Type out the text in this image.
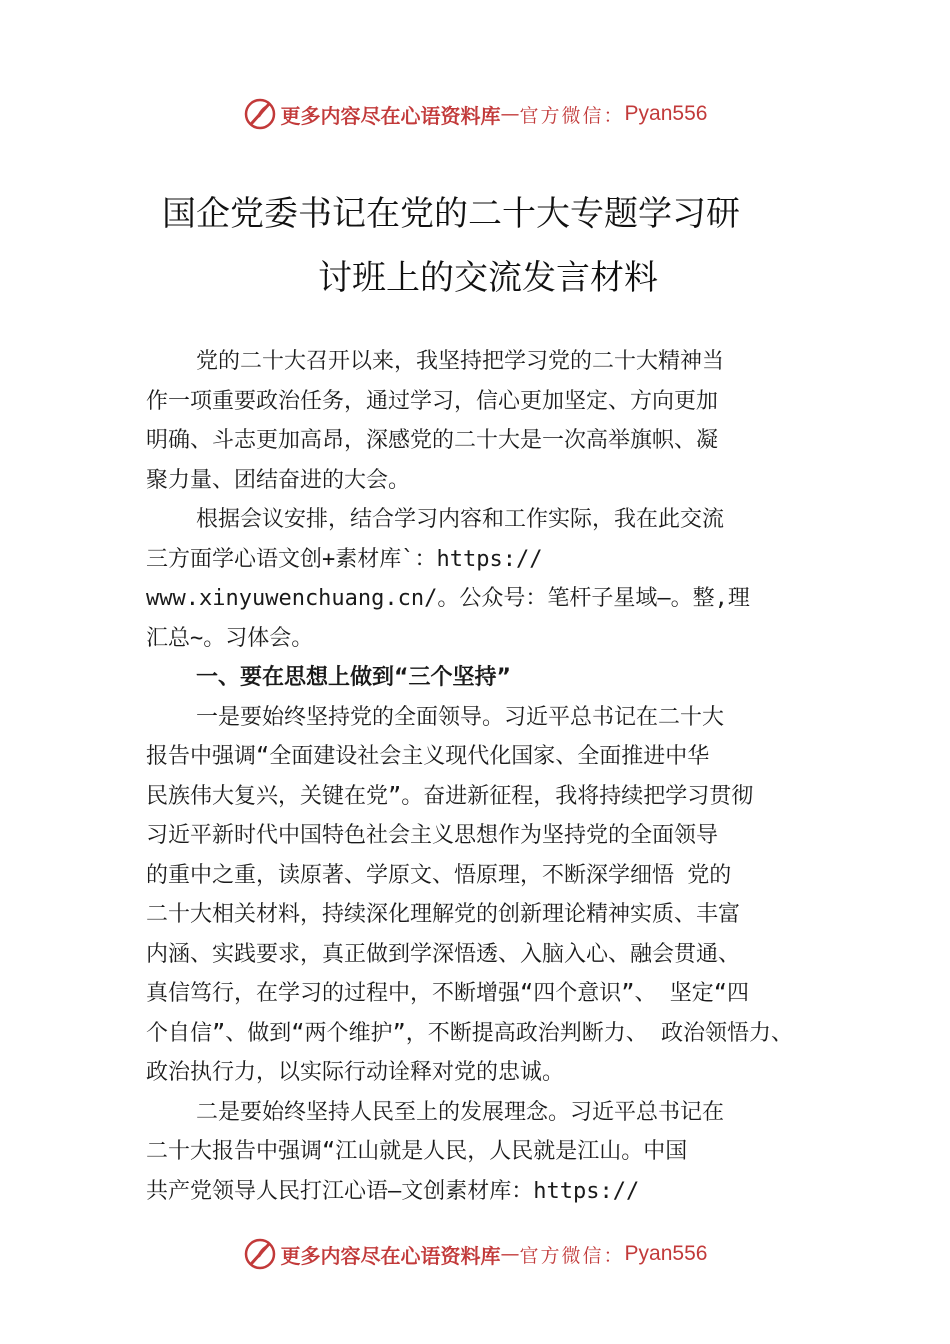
更多内容尽在心语资料库 — 官方微信： Pyan556
国企党委书记在党的二十大专题学习研
讨班上的交流发言材料
党的二十大召开以来，我坚持把学习党的二十大精神当
作一项重要政治任务，通过学习，信心更加坚定、方向更加
明确、斗志更加高昂，深感党的二十大是一次高举旗帜、凝
聚力量、团结奋进的大会。
根据会议安排，结合学习内容和工作实际，我在此交流
三方面学心语文创+素材库`：https://
www.xinyuwenchuang.cn/。公众号：笔杆子星域—。整,理
汇总~。习体会。
一、要在思想上做到“三个坚持”
一是要始终坚持党的全面领导。习近平总书记在二十大
报告中强调“全面建设社会主义现代化国家、全面推进中华
民族伟大复兴，关键在党”。奋进新征程，我将持续把学习贯彻
习近平新时代中国特色社会主义思想作为坚持党的全面领导
的重中之重，读原著、学原文、悟原理，不断深学细悟 党的
二十大相关材料，持续深化理解党的创新理论精神实质、丰富
内涵、实践要求，真正做到学深悟透、入脑入心、融会贯通、
真信笃行，在学习的过程中，不断增强“四个意识”、 坚定“四
个自信”、做到“两个维护”，不断提高政治判断力、 政治领悟力、
政治执行力，以实际行动诠释对党的忠诚。
二是要始终坚持人民至上的发展理念。习近平总书记在
二十大报告中强调“江山就是人民，人民就是江山。中国
共产党领导人民打江心语—文创素材库：https://
更多内容尽在心语资料库 — 官方微信： Pyan556
